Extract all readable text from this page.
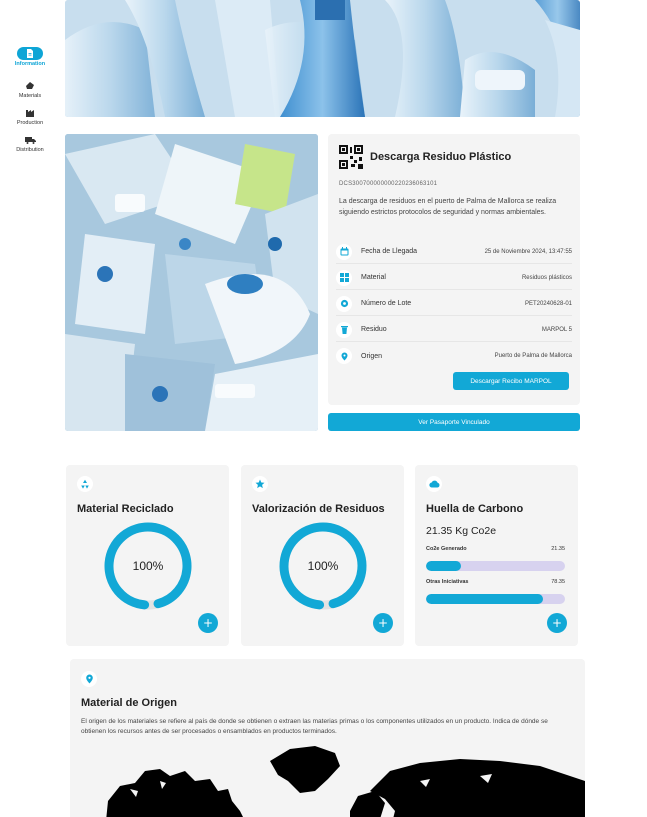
Information
Materials
Production
Distribution
Descarga Residuo Plástico
DCS300700000000220236063101

La descarga de residuos en el puerto de Palma de Mallorca se realiza siguiendo estrictos protocolos de seguridad y normas ambientales.

Fecha de Llegada	25 de Noviembre 2024, 13:47:55
Material	Residuos plásticos
Número de Lote	PET20240628-01
Residuo	MARPOL 5
Origen	Puerto de Palma de Mallorca
Descargar Recibo MARPOL
Ver Pasaporte Vinculado
Material Reciclado
100%
+
Valorización de Residuos
100%
+
Huella de Carbono
21.35 Kg Co2e
Co2e Generado	21.35
Otras Iniciativas	78.35
+
Material de Origen

El origen de los materiales se refiere al país de donde se obtienen o extraen las materias primas o los componentes utilizados en un producto. Indica de dónde se obtienen los recursos antes de ser procesados o ensamblados en productos terminados.
